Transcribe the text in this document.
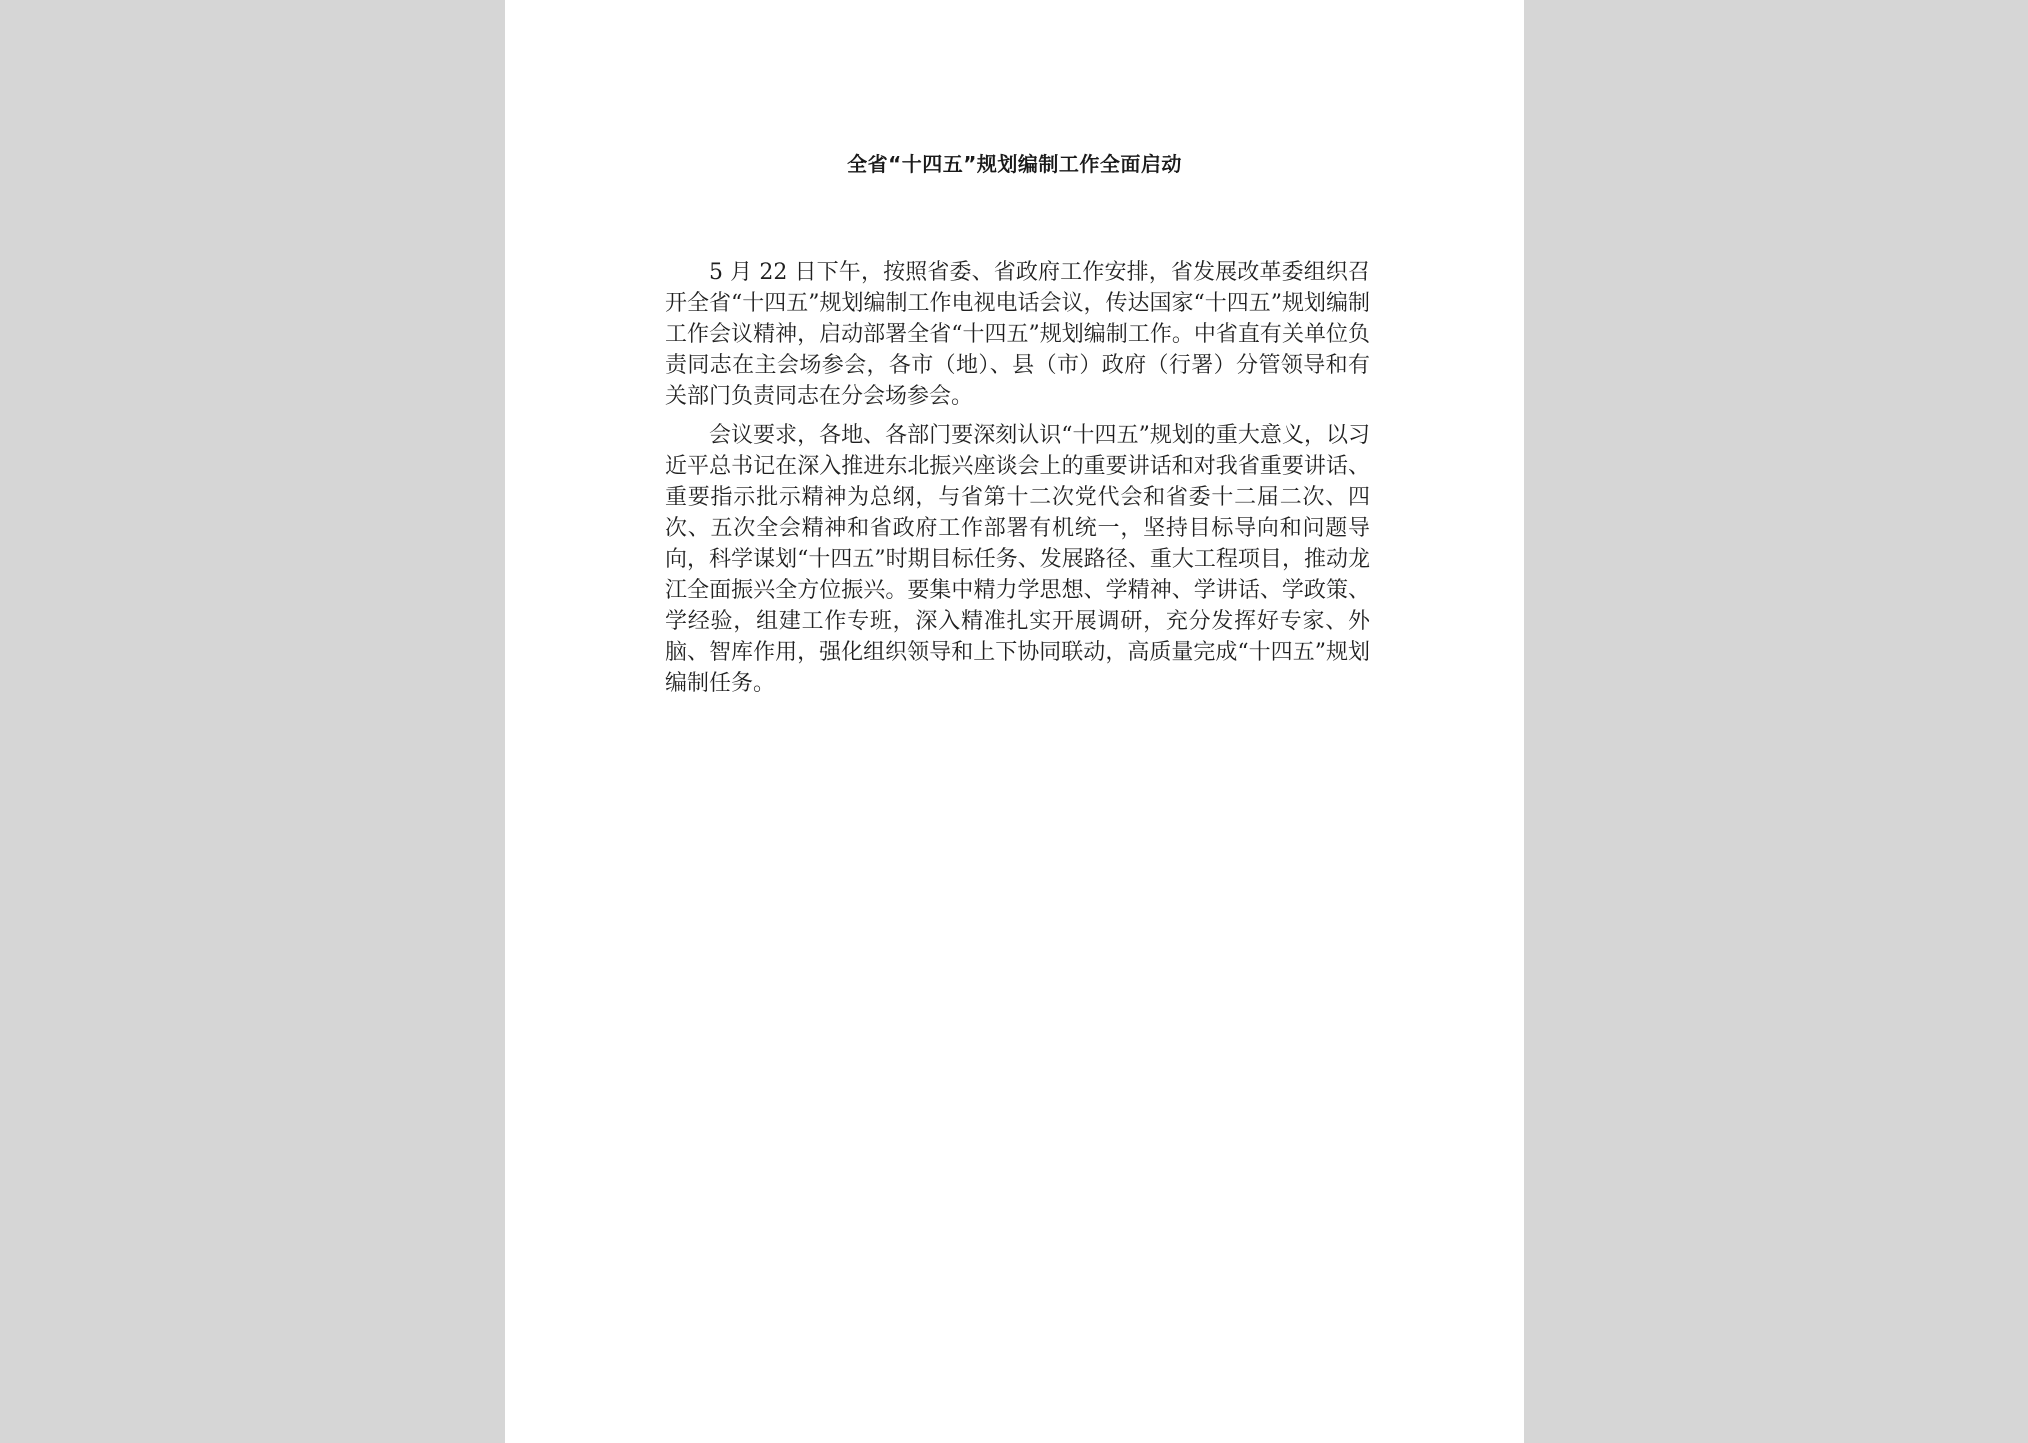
全省“十四五”规划编制工作全面启动

5 月 22 日下午，按照省委、省政府工作安排，省发展改革委组织召开全省“十四五”规划编制工作电视电话会议，传达国家“十四五”规划编制工作会议精神，启动部署全省“十四五”规划编制工作。中省直有关单位负责同志在主会场参会，各市（地）、县（市）政府（行署）分管领导和有关部门负责同志在分会场参会。

会议要求，各地、各部门要深刻认识“十四五”规划的重大意义，以习近平总书记在深入推进东北振兴座谈会上的重要讲话和对我省重要讲话、重要指示批示精神为总纲，与省第十二次党代会和省委十二届二次、四次、五次全会精神和省政府工作部署有机统一，坚持目标导向和问题导向，科学谋划“十四五”时期目标任务、发展路径、重大工程项目，推动龙江全面振兴全方位振兴。要集中精力学思想、学精神、学讲话、学政策、学经验，组建工作专班，深入精准扎实开展调研，充分发挥好专家、外脑、智库作用，强化组织领导和上下协同联动，高质量完成“十四五”规划编制任务。
